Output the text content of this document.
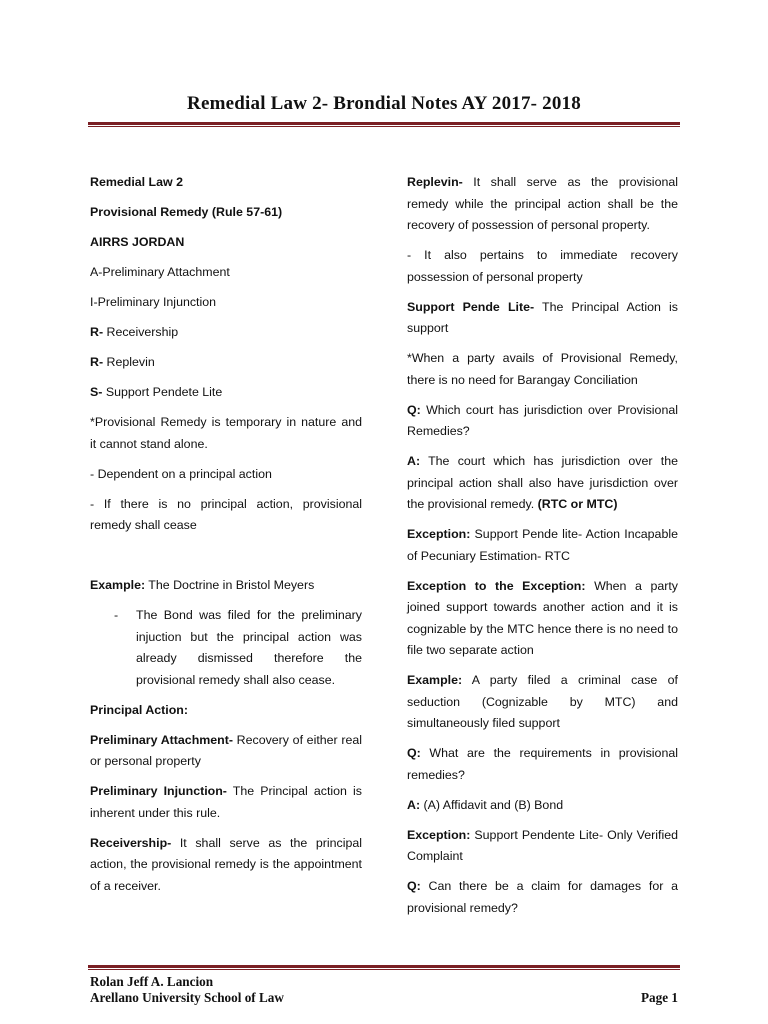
Remedial Law 2- Brondial Notes AY 2017- 2018

Remedial Law 2

Provisional Remedy (Rule 57-61)

AIRRS JORDAN

A-Preliminary Attachment

I-Preliminary Injunction

R- Receivership

R- Replevin

S- Support Pendete Lite

*Provisional Remedy is temporary in nature and it cannot stand alone.

- Dependent on a principal action

- If there is no principal action, provisional remedy shall cease

Example: The Doctrine in Bristol Meyers

-	The Bond was filed for the preliminary injuction but the principal action was already dismissed therefore the provisional remedy shall also cease.

Principal Action:

Preliminary Attachment- Recovery of either real or personal property

Preliminary Injunction- The Principal action is inherent under this rule.

Receivership- It shall serve as the principal action, the provisional remedy is the appointment of a receiver.

Replevin- It shall serve as the provisional remedy while the principal action shall be the recovery of possession of personal property.

- It also pertains to immediate recovery possession of personal property

Support Pende Lite- The Principal Action is support

*When a party avails of Provisional Remedy, there is no need for Barangay Conciliation

Q: Which court has jurisdiction over Provisional Remedies?

A: The court which has jurisdiction over the principal action shall also have jurisdiction over the provisional remedy. (RTC or MTC)

Exception: Support Pende lite- Action Incapable of Pecuniary Estimation- RTC

Exception to the Exception: When a party joined support towards another action and it is cognizable by the MTC hence there is no need to file two separate action

Example: A party filed a criminal case of seduction (Cognizable by MTC) and simultaneously filed support

Q: What are the requirements in provisional remedies?

A: (A) Affidavit and (B) Bond

Exception: Support Pendente Lite- Only Verified Complaint

Q: Can there be a claim for damages for a provisional remedy?

Rolan Jeff A. Lancion
Arellano University School of Law	Page 1
